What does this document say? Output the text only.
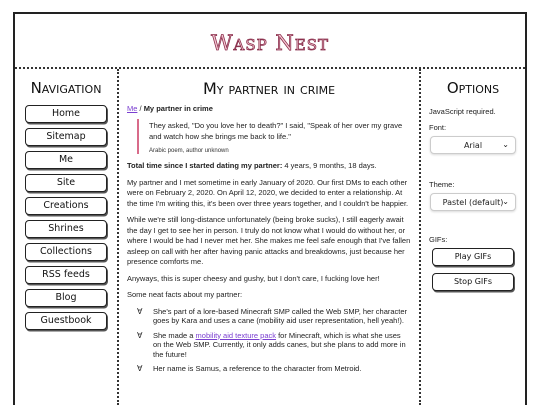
Wasp Nest
Navigation
Home
Sitemap
Me
Site
Creations
Shrines
Collections
RSS feeds
Blog
Guestbook
My partner in crime
Me / My partner in crime

They asked, "Do you love her to death?" I said, "Speak of her over my grave and watch how she brings me back to life."

Arabic poem, author unknown

Total time since I started dating my partner: 4 years, 9 months, 18 days.

My partner and I met sometime in early January of 2020. Our first DMs to each other were on February 2, 2020. On April 12, 2020, we decided to enter a relationship. At the time I'm writing this, it's been over three years together, and I couldn't be happier.

While we're still long-distance unfortunately (being broke sucks), I still eagerly await the day I get to see her in person. I truly do not know what I would do without her, or where I would be had I never met her. She makes me feel safe enough that I've fallen asleep on call with her after having panic attacks and breakdowns, just because her presence comforts me.

Anyways, this is super cheesy and gushy, but I don't care, I fucking love her!

Some neat facts about my partner:

∀	She's part of a lore-based Minecraft SMP called the Web SMP, her character goes by Kara and uses a cane (mobility aid user representation, hell yeah!).
∀	She made a mobility aid texture pack for Minecraft, which is what she uses on the Web SMP. Currently, it only adds canes, but she plans to add more in the future!
∀	Her name is Samus, a reference to the character from Metroid.
Options
JavaScript required.
Font:
Arial	⌄
Theme:
Pastel (default)
⌄
GIFs:
Play GIFs
Stop GIFs
